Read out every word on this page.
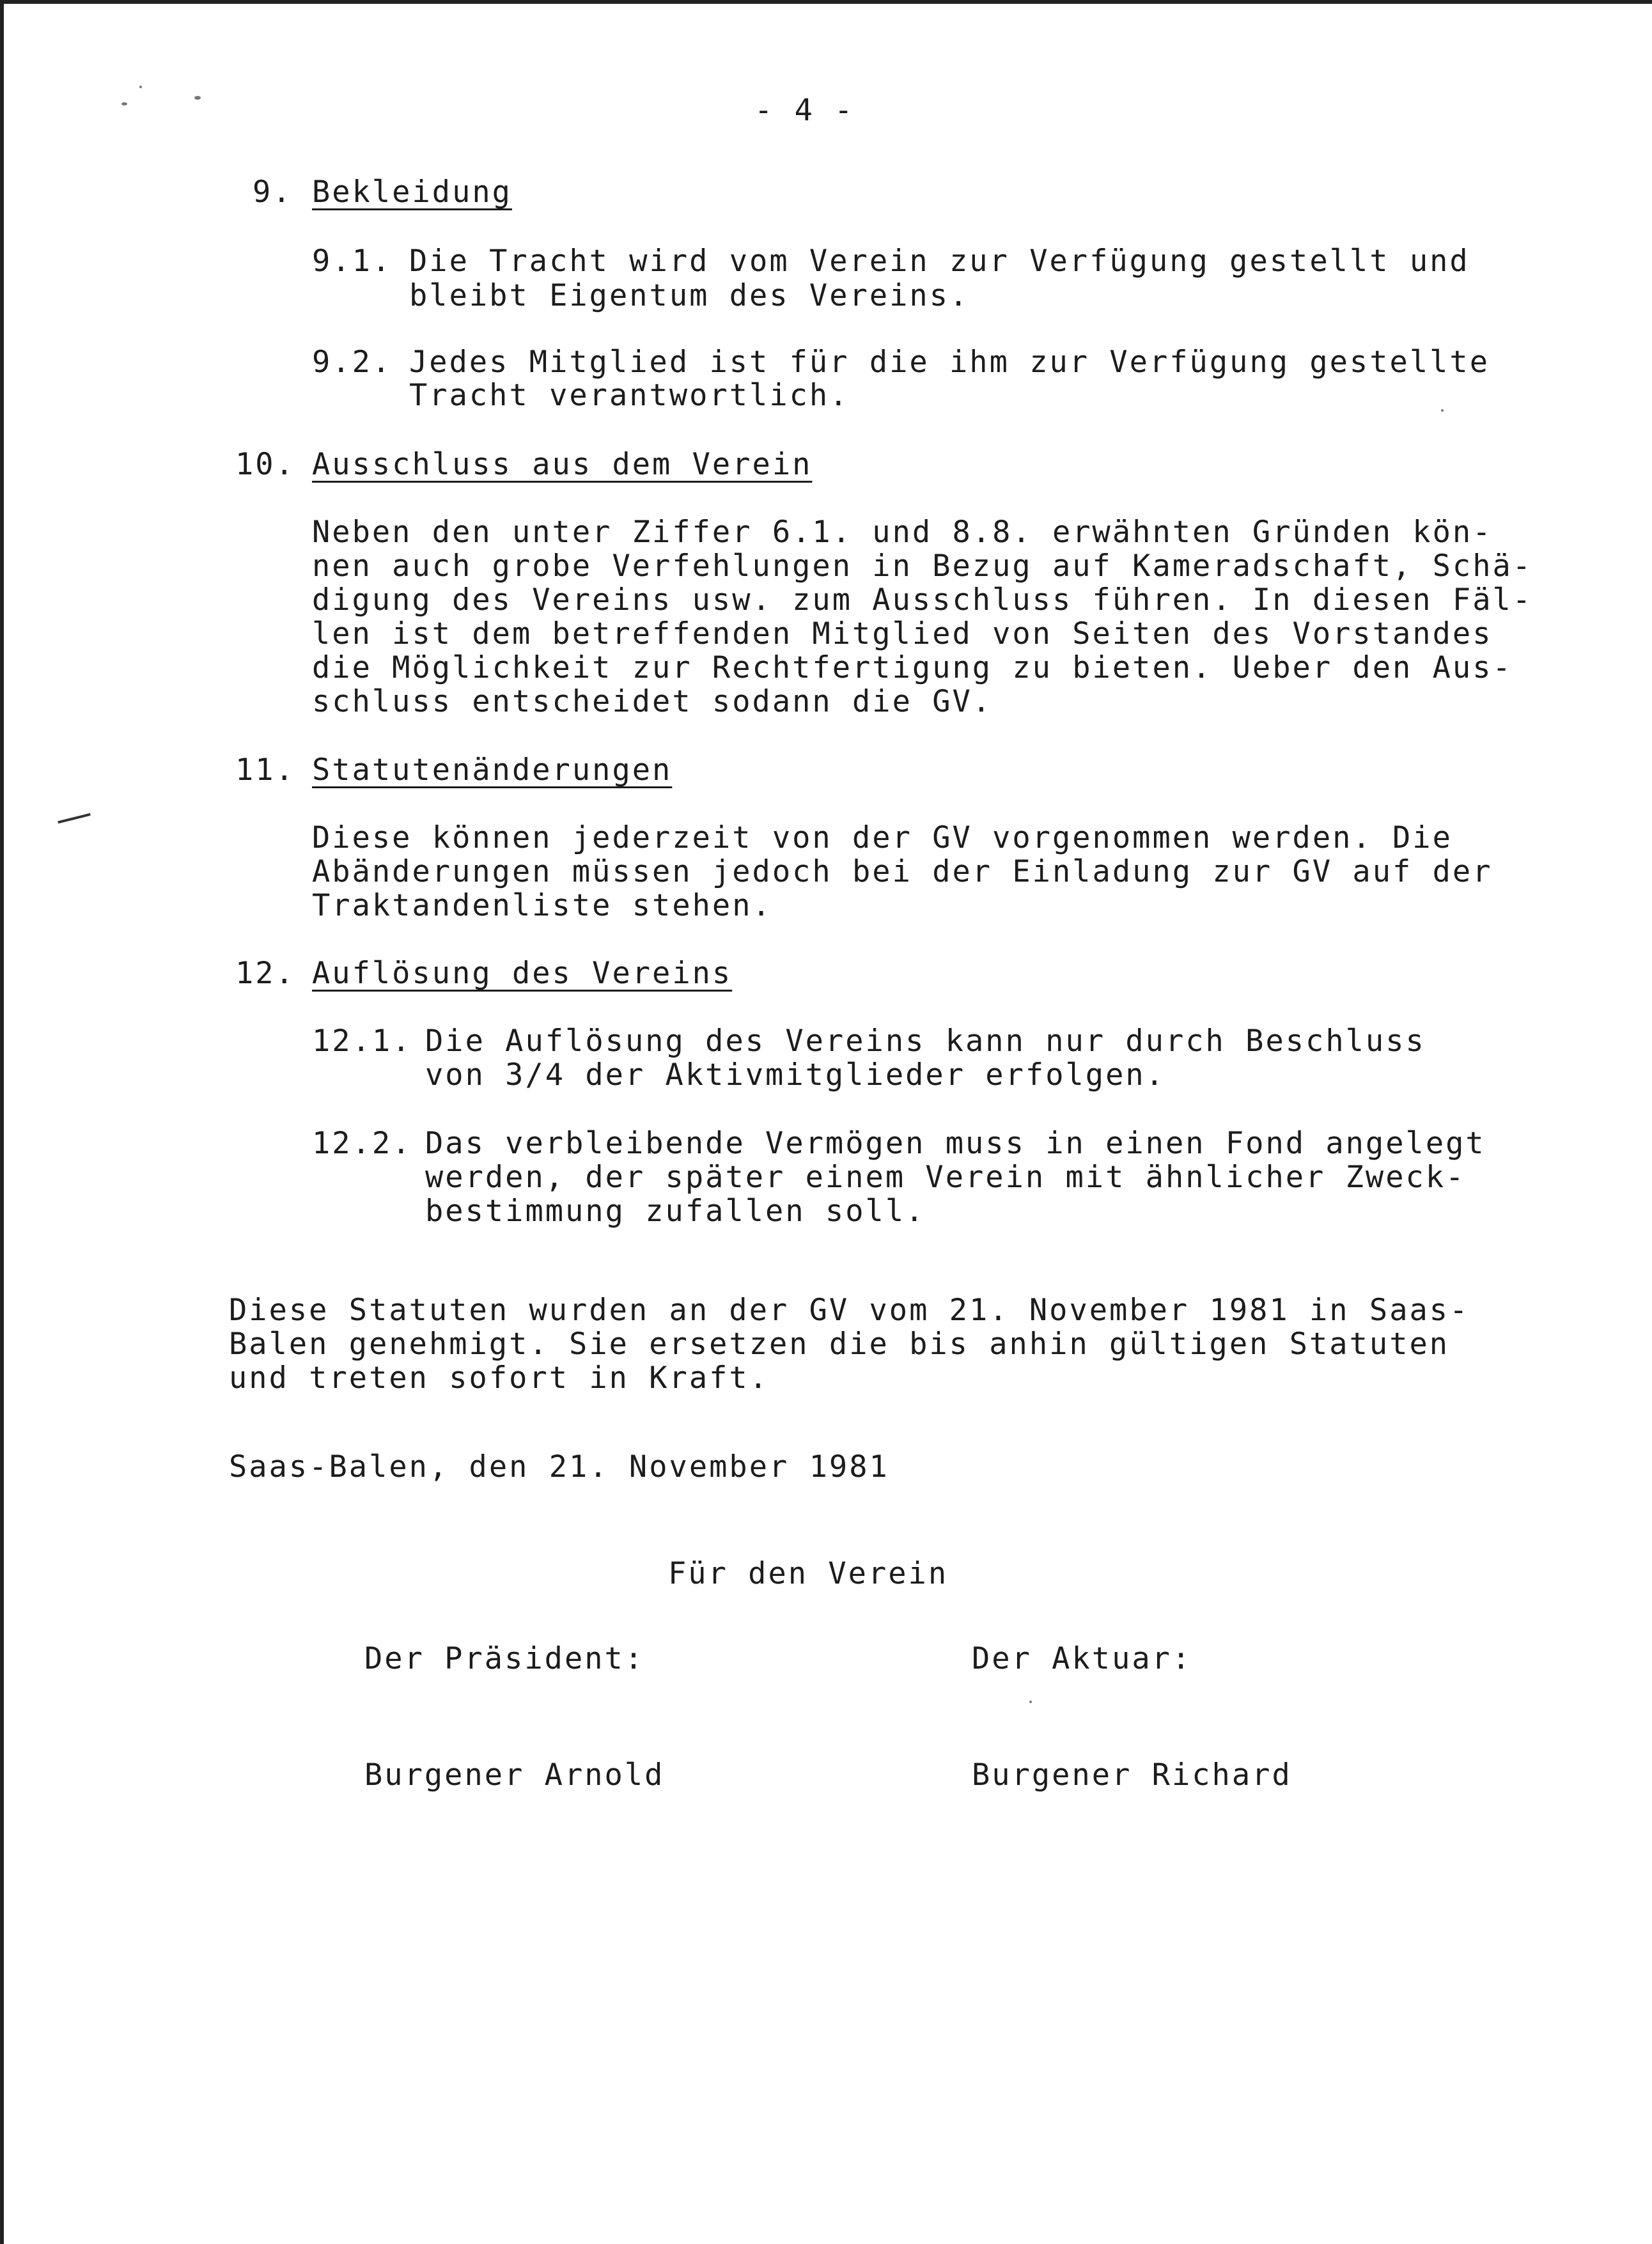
- 4 -
9. Bekleidung
9.1. Die Tracht wird vom Verein zur Verfügung gestellt und
bleibt Eigentum des Vereins.
9.2. Jedes Mitglied ist für die ihm zur Verfügung gestellte
Tracht verantwortlich.
10. Ausschluss aus dem Verein
Neben den unter Ziffer 6.1. und 8.8. erwähnten Gründen kön-
nen auch grobe Verfehlungen in Bezug auf Kameradschaft, Schä-
digung des Vereins usw. zum Ausschluss führen. In diesen Fäl-
len ist dem betreffenden Mitglied von Seiten des Vorstandes
die Möglichkeit zur Rechtfertigung zu bieten. Ueber den Aus-
schluss entscheidet sodann die GV.
11. Statutenänderungen
Diese können jederzeit von der GV vorgenommen werden. Die
Abänderungen müssen jedoch bei der Einladung zur GV auf der
Traktandenliste stehen.
12. Auflösung des Vereins
12.1. Die Auflösung des Vereins kann nur durch Beschluss
von 3/4 der Aktivmitglieder erfolgen.
12.2. Das verbleibende Vermögen muss in einen Fond angelegt
werden, der später einem Verein mit ähnlicher Zweck-
bestimmung zufallen soll.
Diese Statuten wurden an der GV vom 21. November 1981 in Saas-
Balen genehmigt. Sie ersetzen die bis anhin gültigen Statuten
und treten sofort in Kraft.
Saas-Balen, den 21. November 1981
Für den Verein
Der Präsident:	Der Aktuar:
Burgener Arnold	Burgener Richard
